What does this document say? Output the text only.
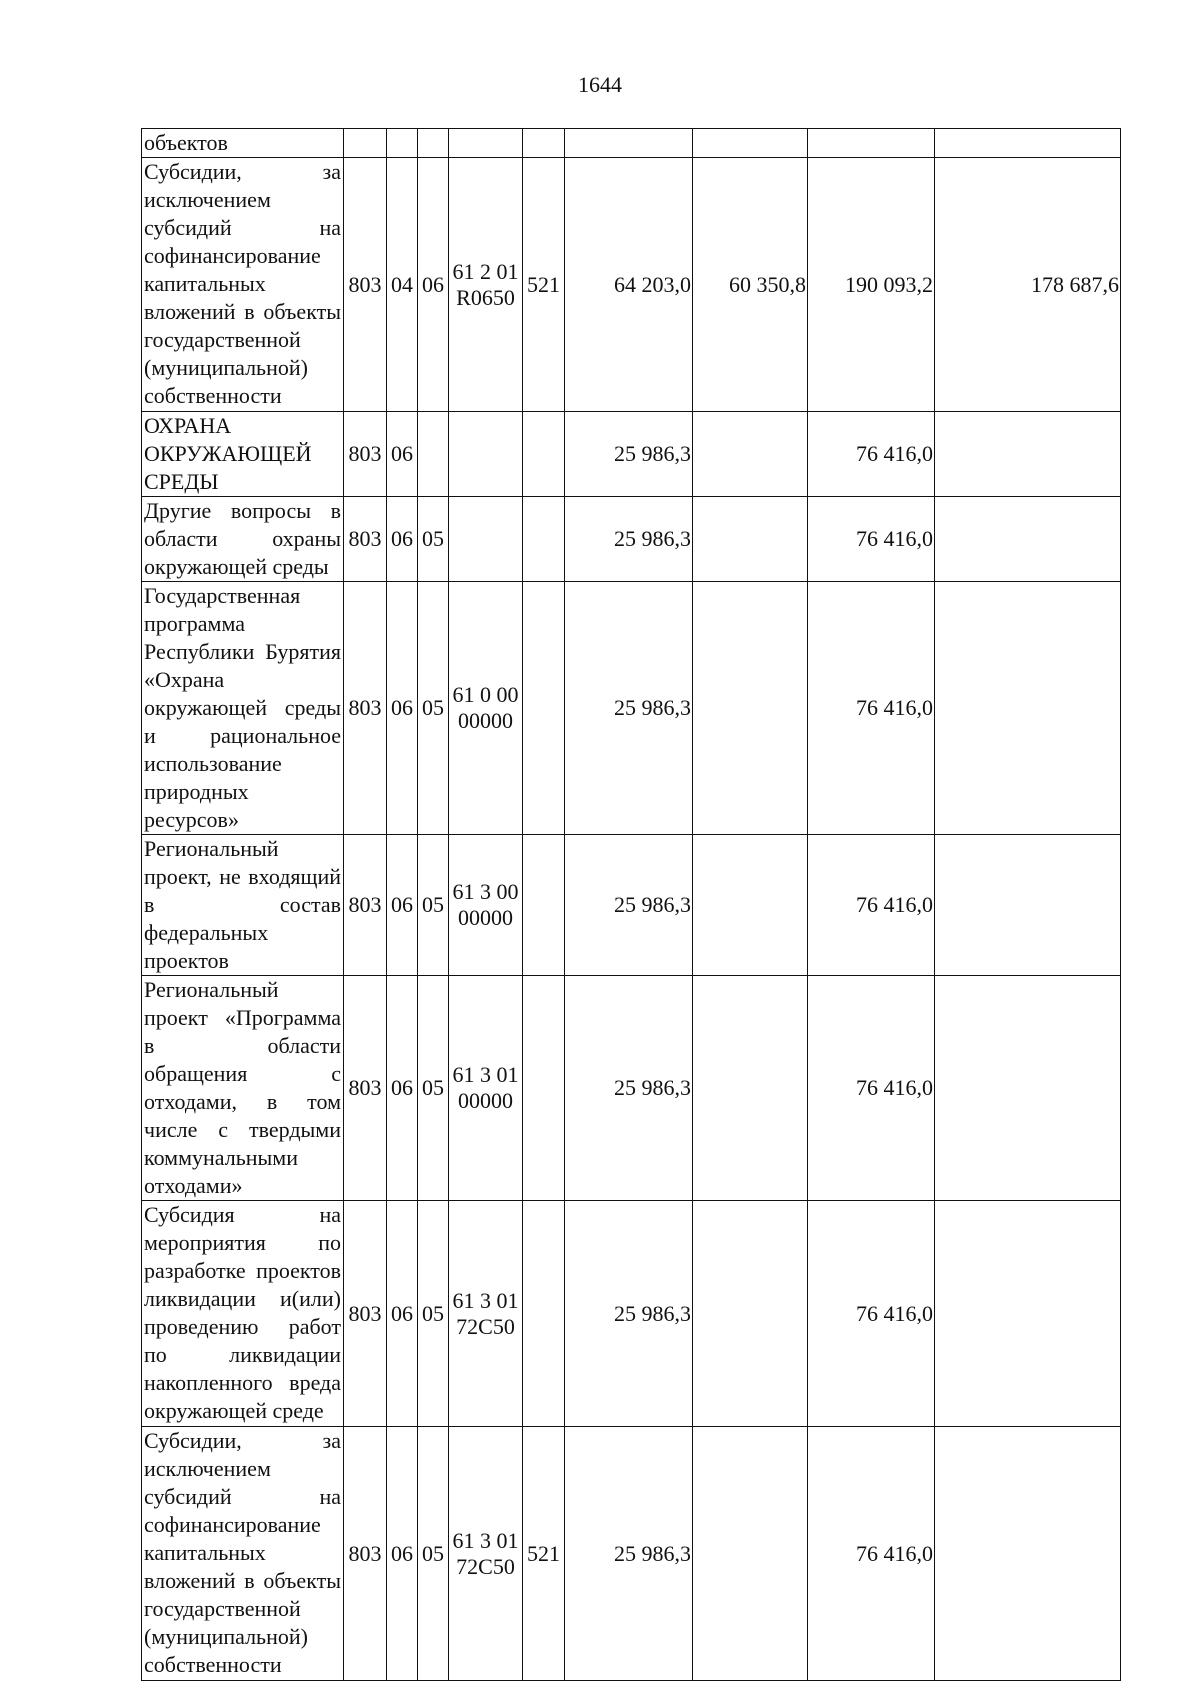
1644
объектов									
Субсидии, за исключением субсидий на софинансирование капитальных вложений в объекты государственной (муниципальной) собственности	803	04	06	61 2 01 R0650	521	64 203,0	60 350,8	190 093,2	178 687,6
ОХРАНА ОКРУЖАЮЩЕЙ СРЕДЫ	803	06				25 986,3		76 416,0	
Другие вопросы в области охраны окружающей среды	803	06	05			25 986,3		76 416,0	
Государственная программа Республики Бурятия «Охрана окружающей среды и рациональное использование природных ресурсов»	803	06	05	61 0 00 00000		25 986,3		76 416,0	
Региональный проект, не входящий в состав федеральных проектов	803	06	05	61 3 00 00000		25 986,3		76 416,0	
Региональный проект «Программа в области обращения с отходами, в том числе с твердыми коммунальными отходами»	803	06	05	61 3 01 00000		25 986,3		76 416,0	
Субсидия на мероприятия по разработке проектов ликвидации и(или) проведению работ по ликвидации накопленного вреда окружающей среде	803	06	05	61 3 01 72С50		25 986,3		76 416,0	
Субсидии, за исключением субсидий на софинансирование капитальных вложений в объекты государственной (муниципальной) собственности	803	06	05	61 3 01 72С50	521	25 986,3		76 416,0	
